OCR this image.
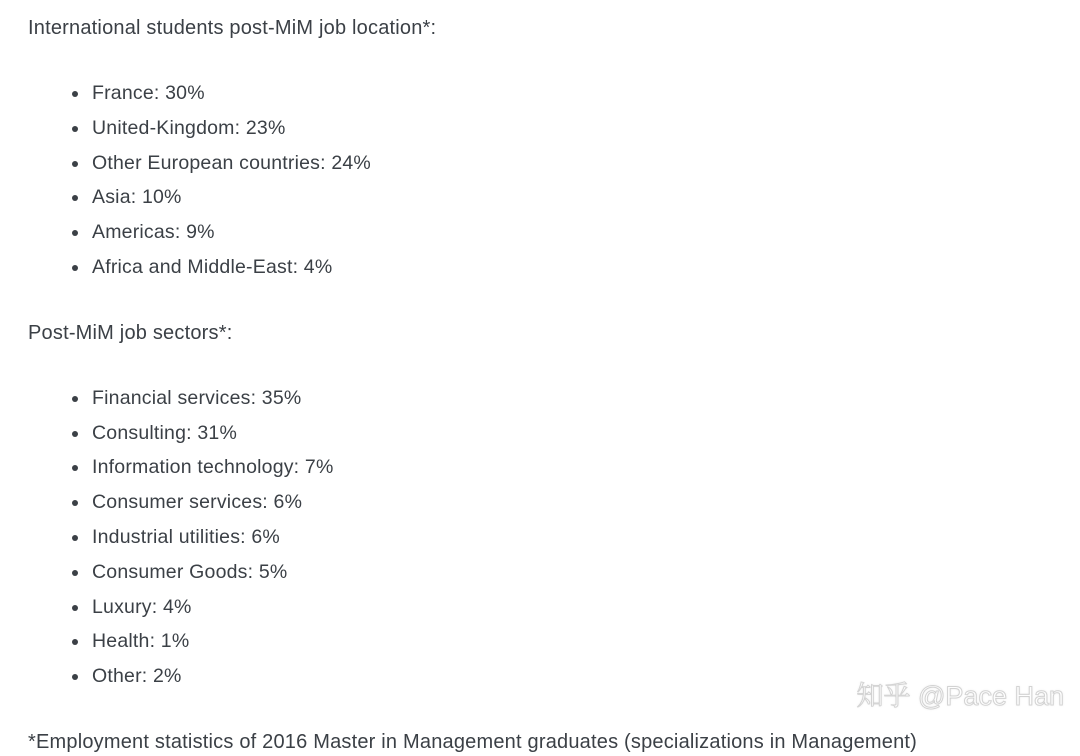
International students post-MiM job location*:

• France: 30%
• United-Kingdom: 23%
• Other European countries: 24%
• Asia: 10%
• Americas: 9%
• Africa and Middle-East: 4%

Post-MiM job sectors*:

• Financial services: 35%
• Consulting: 31%
• Information technology: 7%
• Consumer services: 6%
• Industrial utilities: 6%
• Consumer Goods: 5%
• Luxury: 4%
• Health: 1%
• Other: 2%

*Employment statistics of 2016 Master in Management graduates (specializations in Management)

知乎 @Pace Han
